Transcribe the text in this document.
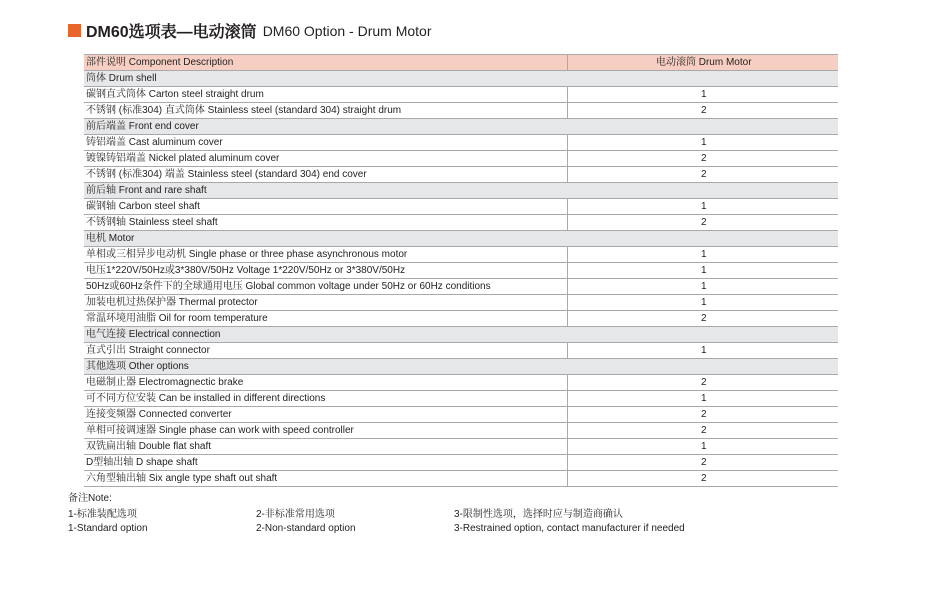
DM60选项表—电动滚筒 DM60 Option - Drum Motor
部件说明 Component Description	电动滚筒 Drum Motor
筒体 Drum shell	
碳钢直式筒体 Carton steel straight drum	1
不锈钢 (标准304) 直式筒体 Stainless steel (standard 304) straight drum	2
前后端盖 Front end cover	
铸铝端盖 Cast aluminum cover	1
镀镍铸铝端盖 Nickel plated aluminum cover	2
不锈钢 (标准304) 端盖 Stainless steel (standard 304) end cover	2
前后轴 Front and rare shaft	
碳钢轴 Carbon steel shaft	1
不锈钢轴 Stainless steel shaft	2
电机 Motor	
单相或三相异步电动机 Single phase or three phase asynchronous motor	1
电压1*220V/50Hz或3*380V/50Hz Voltage 1*220V/50Hz or 3*380V/50Hz	1
50Hz或60Hz条件下的全球通用电压 Global common voltage under 50Hz or 60Hz conditions	1
加装电机过热保护器 Thermal protector	1
常温环境用油脂 Oil for room temperature	2
电气连接 Electrical connection	
直式引出 Straight connector	1
其他选项 Other options	
电磁制止器 Electromagnectic brake	2
可不同方位安装 Can be installed in different directions	1
连接变频器 Connected converter	2
单相可接调速器 Single phase can work with speed controller	2
双铣扁出轴 Double flat shaft	1
D型轴出轴 D shape shaft	2
六角型轴出轴 Six angle type shaft out shaft	2
备注Note:
1-标准装配选项	2-非标准常用选项	3-限制性选项，选择时应与制造商确认
1-Standard option	2-Non-standard option	3-Restrained option, contact manufacturer if needed
